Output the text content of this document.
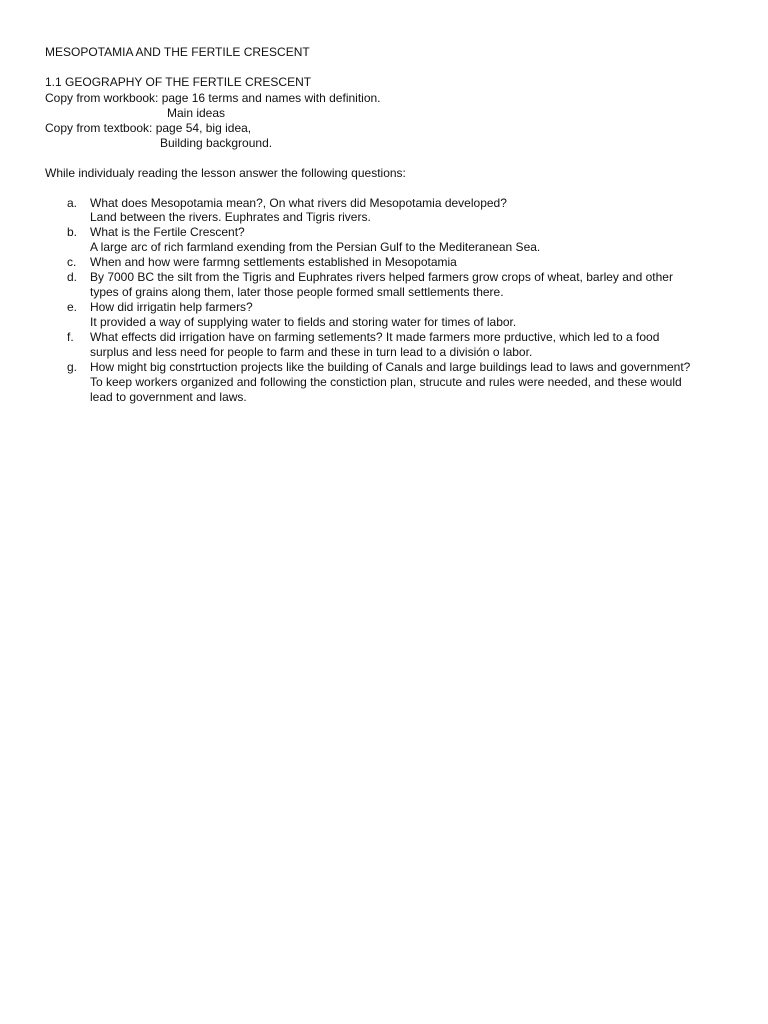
MESOPOTAMIA AND THE FERTILE CRESCENT
1.1 GEOGRAPHY OF THE FERTILE CRESCENT
Copy from workbook: page 16 terms and names with definition.
Main ideas
Copy from textbook: page 54, big idea,
Building background.
While individualy reading the lesson answer the following questions:
a. What does Mesopotamia mean?, On what rivers did Mesopotamia developed?
Land between the rivers. Euphrates and Tigris rivers.
b. What is the Fertile Crescent?
A large arc of rich farmland exending from the Persian Gulf to the Mediteranean Sea.
c. When and how were farmng settlements established in Mesopotamia
d. By 7000 BC the silt from the Tigris and Euphrates rivers helped farmers grow crops of wheat, barley and other
types of grains along them, later those people formed small settlements there.
e. How did irrigatin help farmers?
It provided a way of supplying water to fields and storing water for times of labor.
f. What effects did irrigation have on farming setlements? It made farmers more prductive, which led to a food
surplus and less need for people to farm and these in turn lead to a división o labor.
g. How might big constrtuction projects like the building of Canals and large buildings lead to laws and government?
To keep workers organized and following the constiction plan, strucute and rules were needed, and these would
lead to government and laws.
